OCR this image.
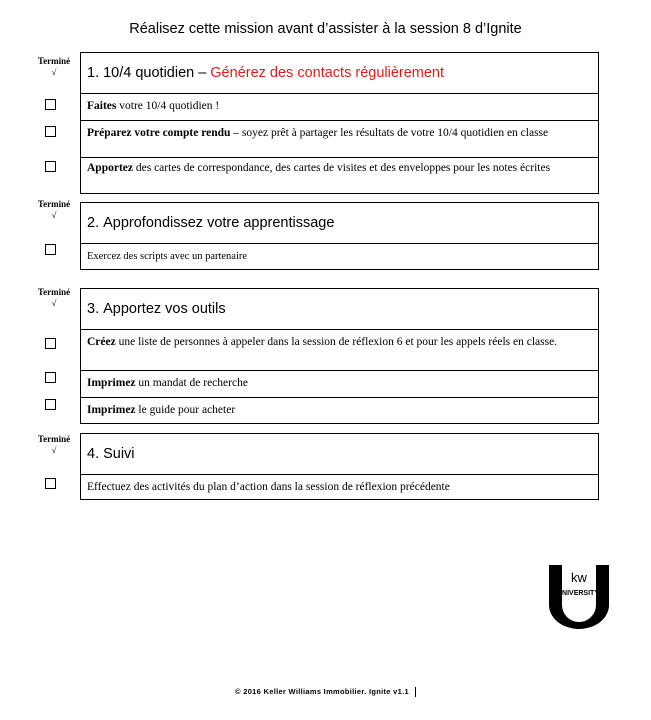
Réalisez cette mission avant d’assister à la session 8 d’Ignite
Terminé
√	1. 10/4 quotidien – Générez des contacts régulièrement
Faites votre 10/4 quotidien !
Préparez votre compte rendu – soyez prêt à partager les résultats de votre 10/4 quotidien en classe
Apportez des cartes de correspondance, des cartes de visites et des enveloppes pour les notes écrites
Terminé
√	2. Approfondissez votre apprentissage
Exercez des scripts avec un partenaire
Terminé
√	3. Apportez vos outils
Créez une liste de personnes à appeler dans la session de réflexion 6 et pour les appels réels en classe.
Imprimez un mandat de recherche
Imprimez le guide pour acheter
Terminé
√	4. Suivi
Effectuez des activités du plan d’action dans la session de réflexion précédente
kw
UNIVERSITY
© 2016 Keller Williams Immobilier. Ignite v1.1
